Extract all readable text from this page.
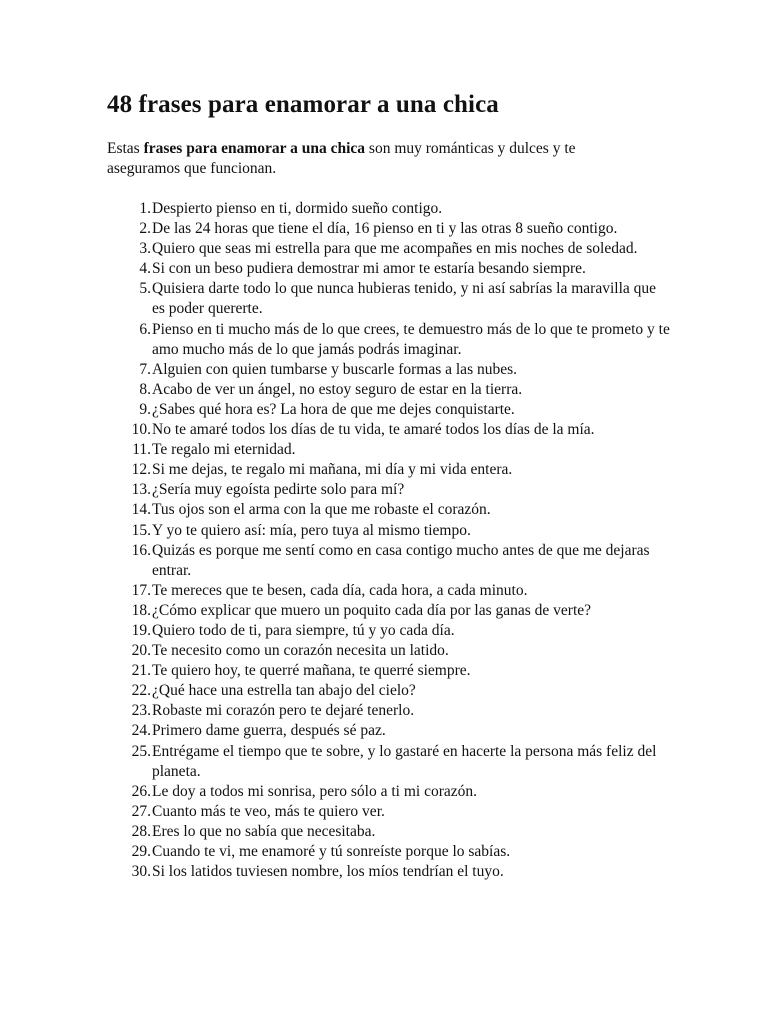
48 frases para enamorar a una chica

Estas frases para enamorar a una chica son muy románticas y dulces y te aseguramos que funcionan.

1. Despierto pienso en ti, dormido sueño contigo.
2. De las 24 horas que tiene el día, 16 pienso en ti y las otras 8 sueño contigo.
3. Quiero que seas mi estrella para que me acompañes en mis noches de soledad.
4. Si con un beso pudiera demostrar mi amor te estaría besando siempre.
5. Quisiera darte todo lo que nunca hubieras tenido, y ni así sabrías la maravilla que es poder quererte.
6. Pienso en ti mucho más de lo que crees, te demuestro más de lo que te prometo y te amo mucho más de lo que jamás podrás imaginar.
7. Alguien con quien tumbarse y buscarle formas a las nubes.
8. Acabo de ver un ángel, no estoy seguro de estar en la tierra.
9. ¿Sabes qué hora es? La hora de que me dejes conquistarte.
10. No te amaré todos los días de tu vida, te amaré todos los días de la mía.
11. Te regalo mi eternidad.
12. Si me dejas, te regalo mi mañana, mi día y mi vida entera.
13. ¿Sería muy egoísta pedirte solo para mí?
14. Tus ojos son el arma con la que me robaste el corazón.
15. Y yo te quiero así: mía, pero tuya al mismo tiempo.
16. Quizás es porque me sentí como en casa contigo mucho antes de que me dejaras entrar.
17. Te mereces que te besen, cada día, cada hora, a cada minuto.
18. ¿Cómo explicar que muero un poquito cada día por las ganas de verte?
19. Quiero todo de ti, para siempre, tú y yo cada día.
20. Te necesito como un corazón necesita un latido.
21. Te quiero hoy, te querré mañana, te querré siempre.
22. ¿Qué hace una estrella tan abajo del cielo?
23. Robaste mi corazón pero te dejaré tenerlo.
24. Primero dame guerra, después sé paz.
25. Entrégame el tiempo que te sobre, y lo gastaré en hacerte la persona más feliz del planeta.
26. Le doy a todos mi sonrisa, pero sólo a ti mi corazón.
27. Cuanto más te veo, más te quiero ver.
28. Eres lo que no sabía que necesitaba.
29. Cuando te vi, me enamoré y tú sonreíste porque lo sabías.
30. Si los latidos tuviesen nombre, los míos tendrían el tuyo.
